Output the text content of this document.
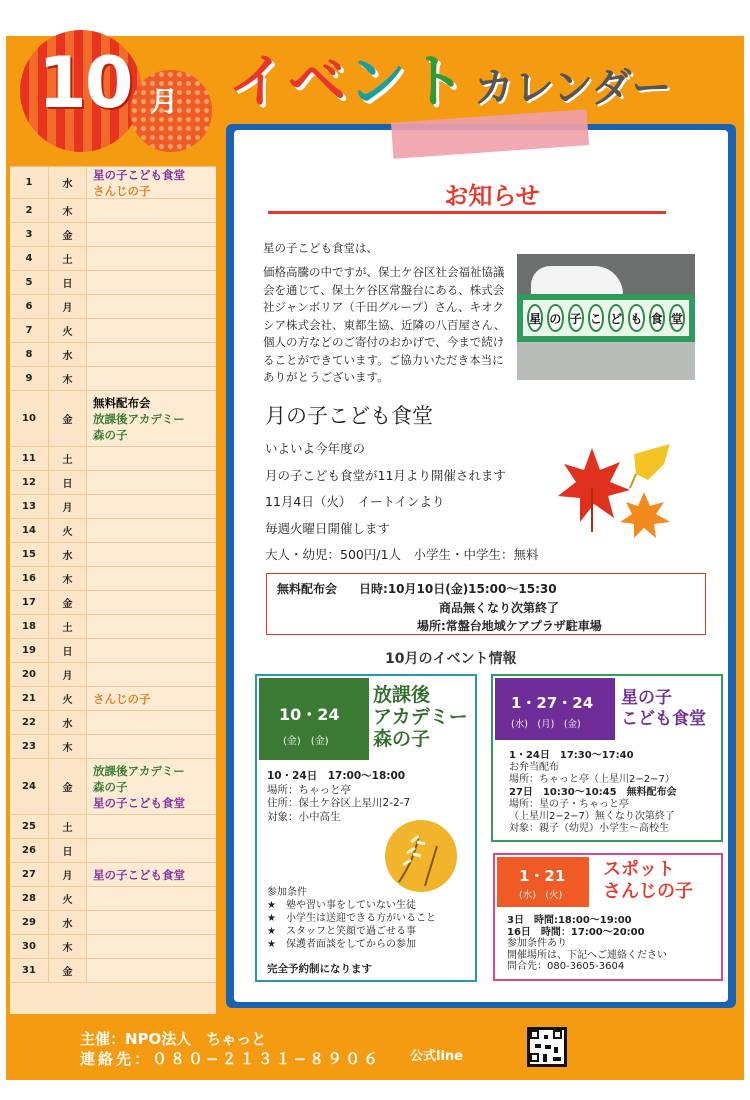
10 月 イベント カレンダー
1	水
星の子こども食堂
さんじの子
2	木
3	金
4	土
5	日
6	月
7	火
8	水
9	木
10	金
無料配布会
放課後アカデミー
森の子
11	土
12	日
13	月
14	火
15	水
16	木
17	金
18	土
19	日
20	月
21	火	さんじの子
22	水
23	木
24	金
放課後アカデミー
森の子
星の子こども食堂
25	土
26	日
27	月	星の子こども食堂
28	火
29	水
30	木
31	金
お知らせ
星の子こども食堂は、
価格高騰の中ですが、保土ケ谷区社会福祉協議会を通じて、保土ケ谷区常盤台にある、株式会社ジャンボリア（千田グループ）さん、キオクシア株式会社、東都生協、近隣の八百屋さん、個人の方などのご寄付のおかげで、今まで続けることができています。ご協力いただき本当にありがとうございます。
星 の 子 こ ど も 食 堂
月の子こども食堂
いよいよ今年度の
月の子こども食堂が11月より開催されます
11月4日（火）　イートインより
毎週火曜日開催します
大人・幼児：500円/1人　小学生・中学生：無料
無料配布会 日時:10月10日(金)15:00〜15:30
商品無くなり次第終了
場所:常盤台地域ケアプラザ駐車場
10月のイベント情報
10・24
(金)　(金)
放課後
アカデミー
森の子
10・24日　17:00〜18:00
場所：ちゃっと亭
住所：保土ケ谷区上星川2-2-7
対象：小中高生
参加条件
★　塾や習い事をしていない生徒
★　小学生は送迎できる方がいること
★　スタッフと笑顔で過ごせる事
★　保護者面談をしてからの参加
完全予約制になります
1・27・24
(水)　(月)　(金)
星の子
こども食堂
1・24日　17:30〜17:40
お弁当配布
場所：ちゃっと亭（上星川2−2−7）
27日　10:30〜10:45　無料配布会
場所：星の子・ちゃっと亭
（上星川2−2−7）無くなり次第終了
対象：親子（幼児）小学生〜高校生
1・21
(水)　(火)
スポット
さんじの子
3日　時間:18:00〜19:00
16日　時間：17:00〜20:00
参加条件あり
開催場所は、下記へご連絡ください
問合先：080-3605-3604
主催：NPO法人　ちゃっと
連絡先：０８０−２１３１−８９０６ 公式line
